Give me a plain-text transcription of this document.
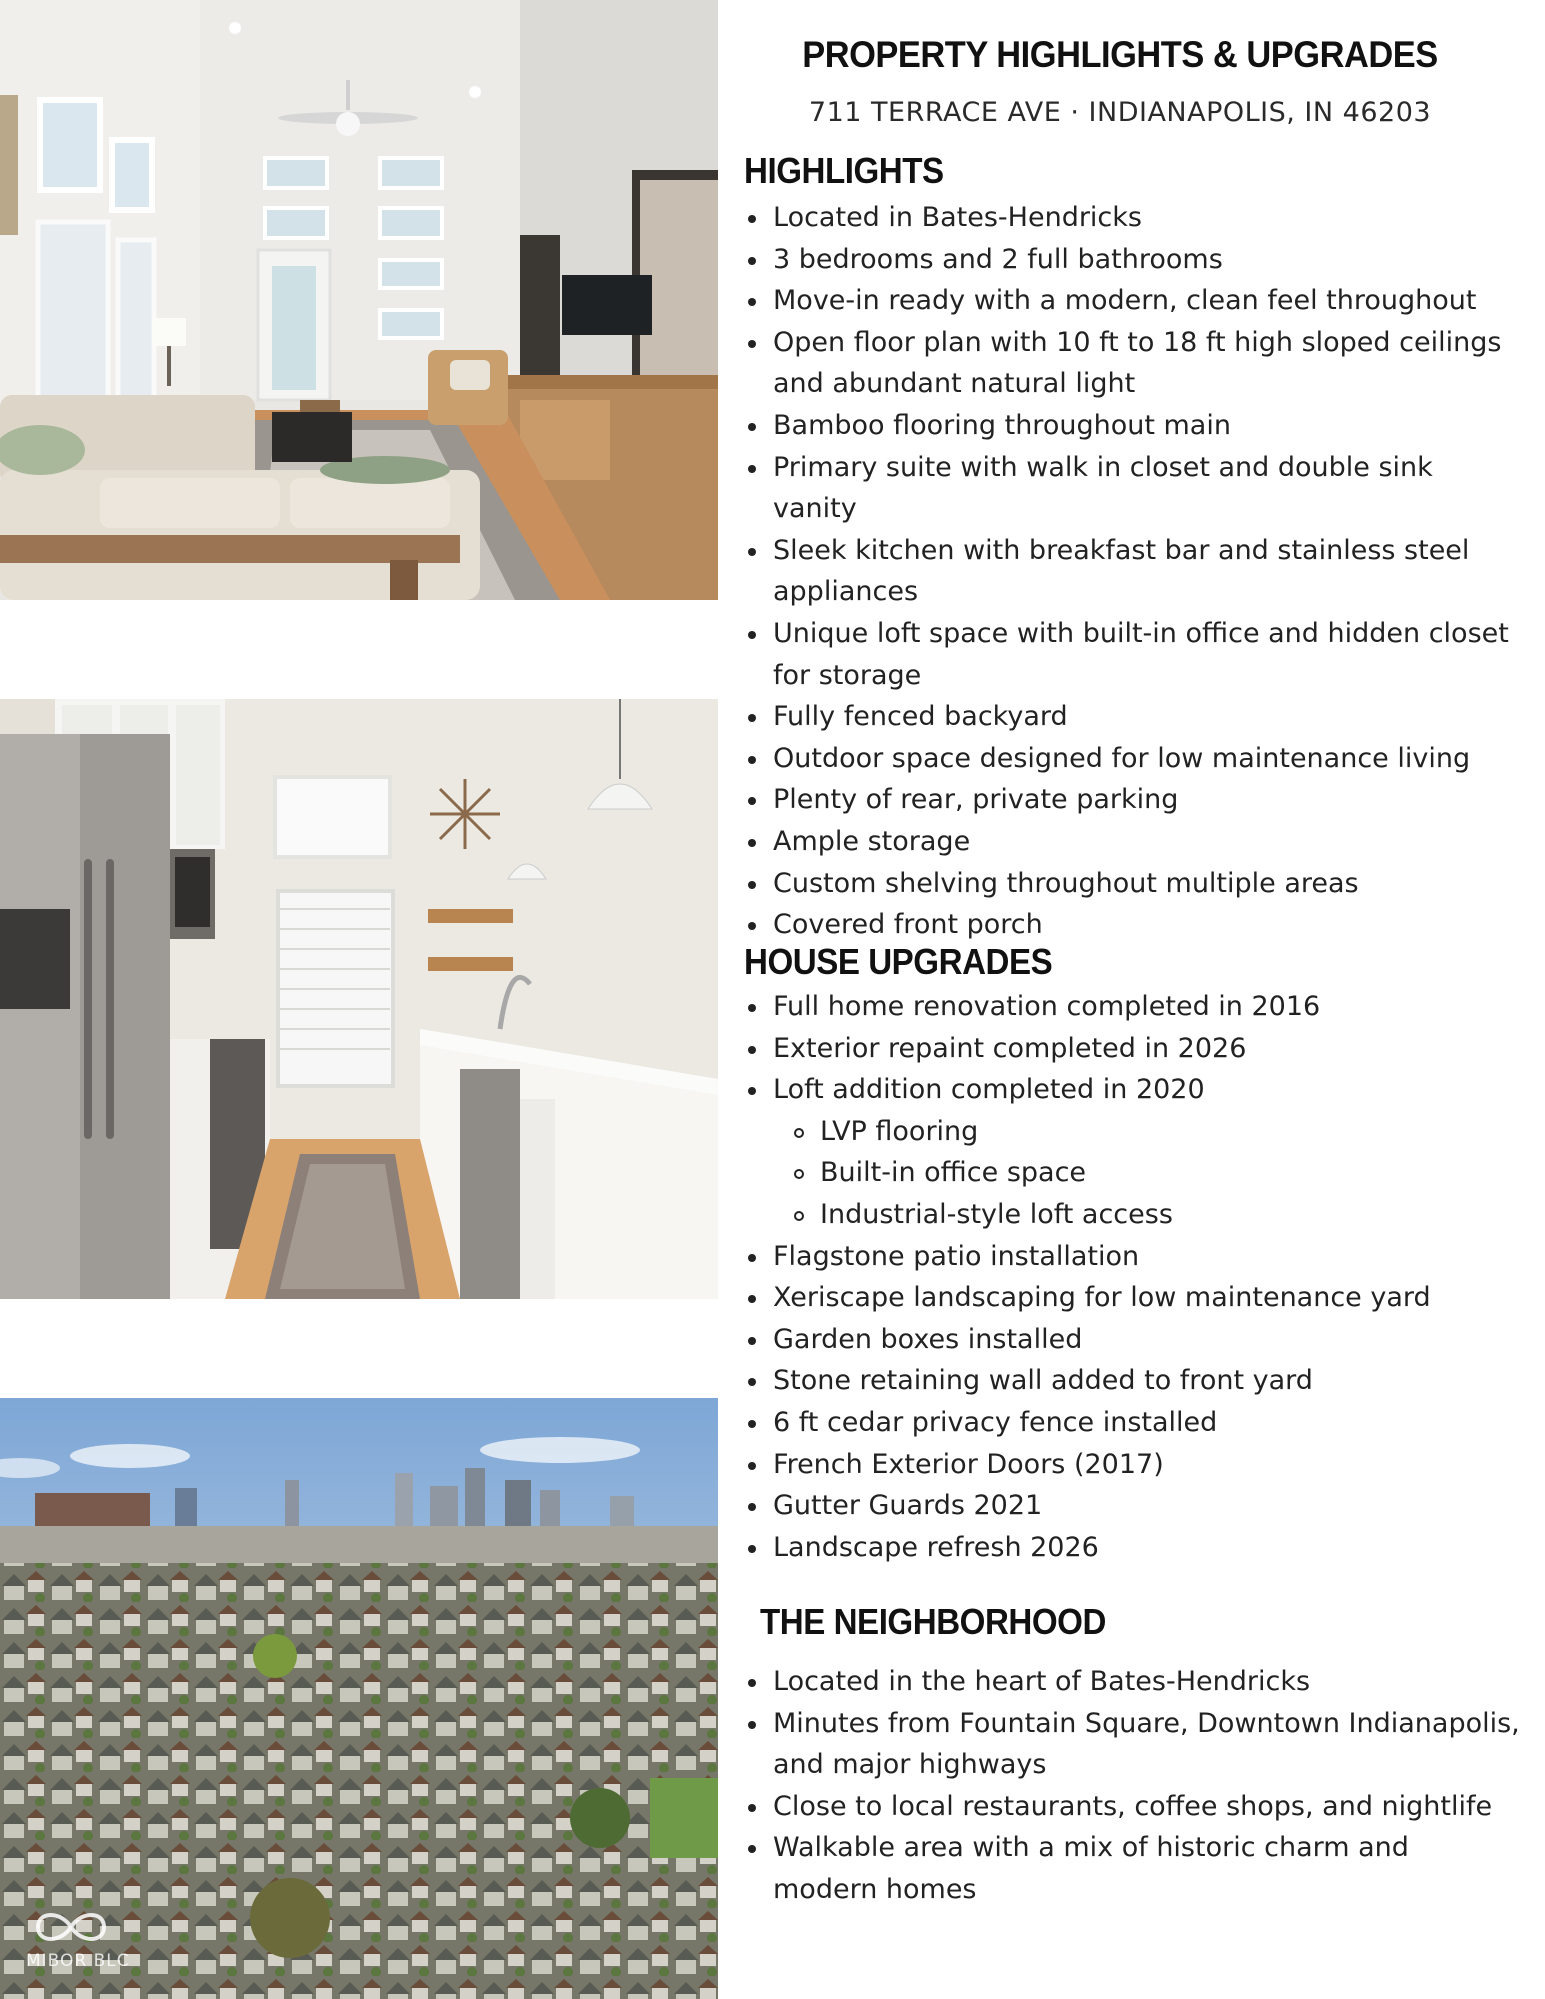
MIBOR BLC
PROPERTY HIGHLIGHTS & UPGRADES
711 TERRACE AVE · INDIANAPOLIS, IN 46203
HIGHLIGHTS
Located in Bates-Hendricks
3 bedrooms and 2 full bathrooms
Move-in ready with a modern, clean feel throughout
Open floor plan with 10 ft to 18 ft high sloped ceilings and abundant natural light
Bamboo flooring throughout main
Primary suite with walk in closet and double sink vanity
Sleek kitchen with breakfast bar and stainless steel appliances
Unique loft space with built-in office and hidden closet for storage
Fully fenced backyard
Outdoor space designed for low maintenance living
Plenty of rear, private parking
Ample storage
Custom shelving throughout multiple areas
Covered front porch
HOUSE UPGRADES
Full home renovation completed in 2016
Exterior repaint completed in 2026
Loft addition completed in 2020
LVP flooring
Built-in office space
Industrial-style loft access
Flagstone patio installation
Xeriscape landscaping for low maintenance yard
Garden boxes installed
Stone retaining wall added to front yard
6 ft cedar privacy fence installed
French Exterior Doors (2017)
Gutter Guards 2021
Landscape refresh 2026
THE NEIGHBORHOOD
Located in the heart of Bates-Hendricks
Minutes from Fountain Square, Downtown Indianapolis, and major highways
Close to local restaurants, coffee shops, and nightlife
Walkable area with a mix of historic charm and modern homes
